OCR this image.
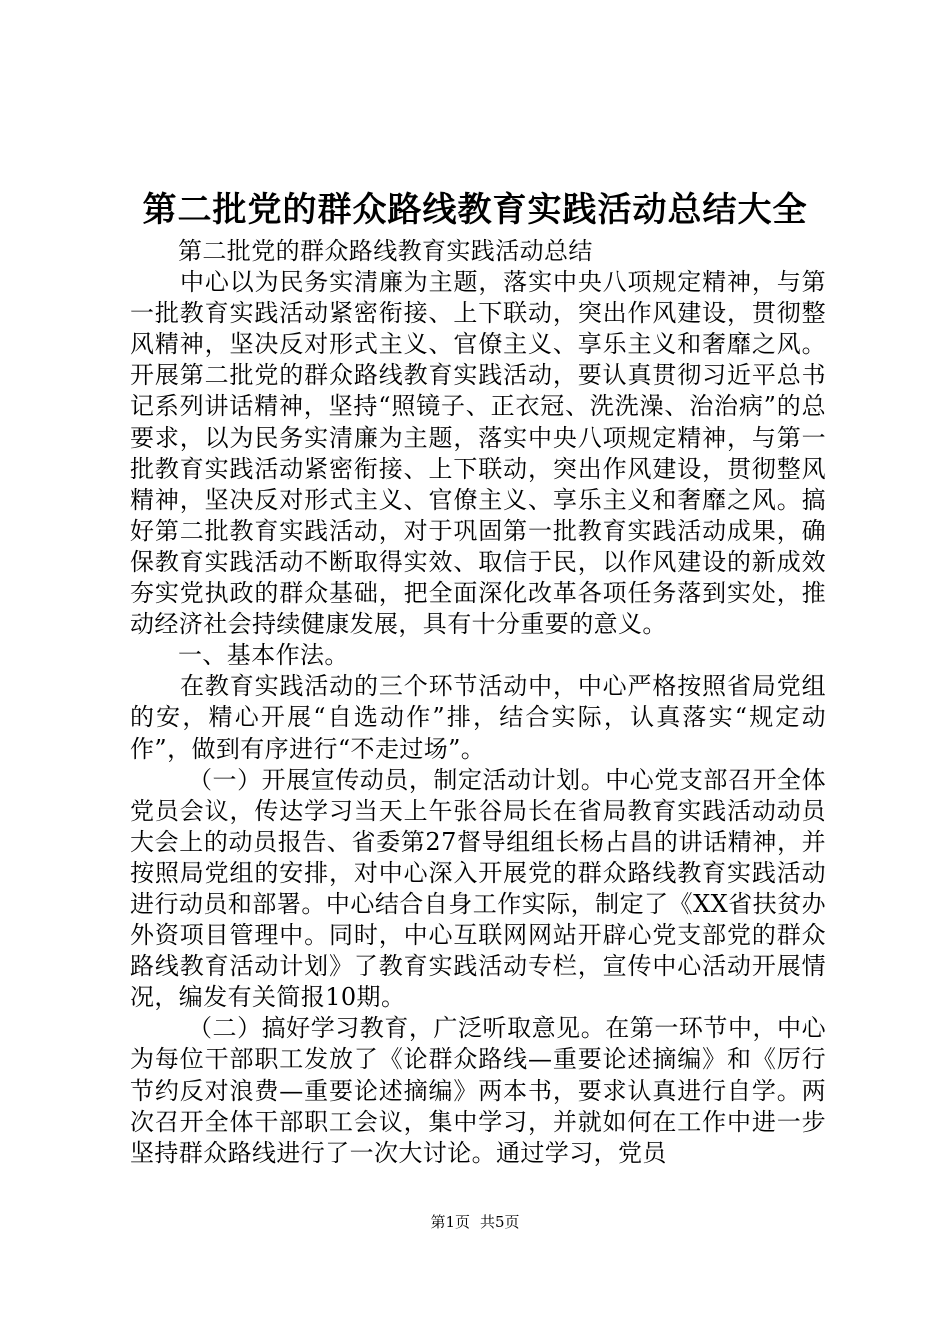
第二批党的群众路线教育实践活动总结大全

第二批党的群众路线教育实践活动总结

中心以为民务实清廉为主题，落实中央八项规定精神，与第一批教育实践活动紧密衔接、上下联动，突出作风建设，贯彻整风精神，坚决反对形式主义、官僚主义、享乐主义和奢靡之风。开展第二批党的群众路线教育实践活动，要认真贯彻习近平总书记系列讲话精神，坚持“照镜子、正衣冠、洗洗澡、治治病”的总要求，以为民务实清廉为主题，落实中央八项规定精神，与第一批教育实践活动紧密衔接、上下联动，突出作风建设，贯彻整风精神，坚决反对形式主义、官僚主义、享乐主义和奢靡之风。搞好第二批教育实践活动，对于巩固第一批教育实践活动成果，确保教育实践活动不断取得实效、取信于民，以作风建设的新成效夯实党执政的群众基础，把全面深化改革各项任务落到实处，推动经济社会持续健康发展，具有十分重要的意义。

一、基本作法。

在教育实践活动的三个环节活动中，中心严格按照省局党组的安，精心开展“自选动作”排，结合实际，认真落实“规定动作”，做到有序进行“不走过场”。

（一）开展宣传动员，制定活动计划。中心党支部召开全体党员会议，传达学习当天上午张谷局长在省局教育实践活动动员大会上的动员报告、省委第27督导组组长杨占昌的讲话精神，并按照局党组的安排，对中心深入开展党的群众路线教育实践活动进行动员和部署。中心结合自身工作实际，制定了《XX省扶贫办外资项目管理中。同时，中心互联网网站开辟心党支部党的群众路线教育活动计划》了教育实践活动专栏，宣传中心活动开展情况，编发有关简报10期。

（二）搞好学习教育，广泛听取意见。在第一环节中，中心为每位干部职工发放了《论群众路线—重要论述摘编》和《厉行节约反对浪费—重要论述摘编》两本书，要求认真进行自学。两次召开全体干部职工会议，集中学习，并就如何在工作中进一步坚持群众路线进行了一次大讨论。通过学习，党员

第1页 共5页
